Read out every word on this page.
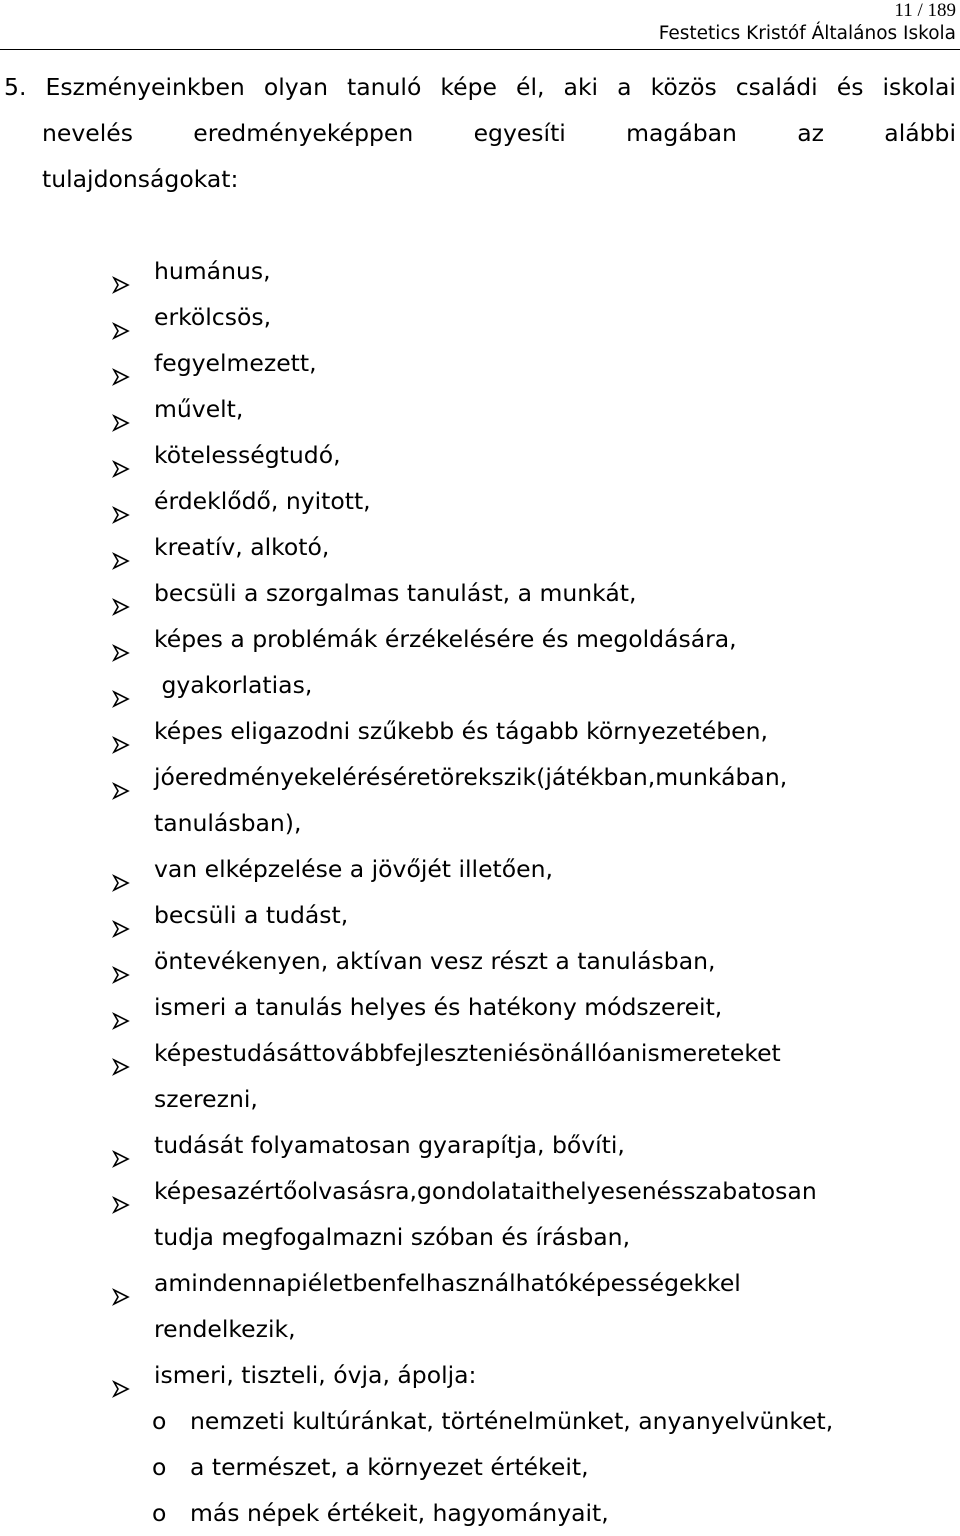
11 / 189
Festetics Kristóf Általános Iskola
5. Eszményeinkben olyan tanuló képe él, aki a közös családi és iskolai
nevelés	eredményeképpen	egyesíti	magában	az	alábbi
tulajdonságokat:
humánus,
erkölcsös,
fegyelmezett,
művelt,
kötelességtudó,
érdeklődő, nyitott,
kreatív, alkotó,
becsüli a szorgalmas tanulást, a munkát,
képes a problémák érzékelésére és megoldására,
gyakorlatias,
képes eligazodni szűkebb és tágabb környezetében,
jóeredményekeléréséretörekszik(játékban,munkában,
tanulásban),
van elképzelése a jövőjét illetően,
becsüli a tudást,
öntevékenyen, aktívan vesz részt a tanulásban,
ismeri a tanulás helyes és hatékony módszereit,
képestudásáttovábbfejleszteniésönállóanismereteket
szerezni,
tudását folyamatosan gyarapítja, bővíti,
képesazértőolvasásra,gondolataithelyesenésszabatosan
tudja megfogalmazni szóban és írásban,
amindennapiéletbenfelhasználhatóképességekkel
rendelkezik,
ismeri, tiszteli, óvja, ápolja:
o nemzeti kultúránkat, történelmünket, anyanyelvünket,
o a természet, a környezet értékeit,
o más népek értékeit, hagyományait,
